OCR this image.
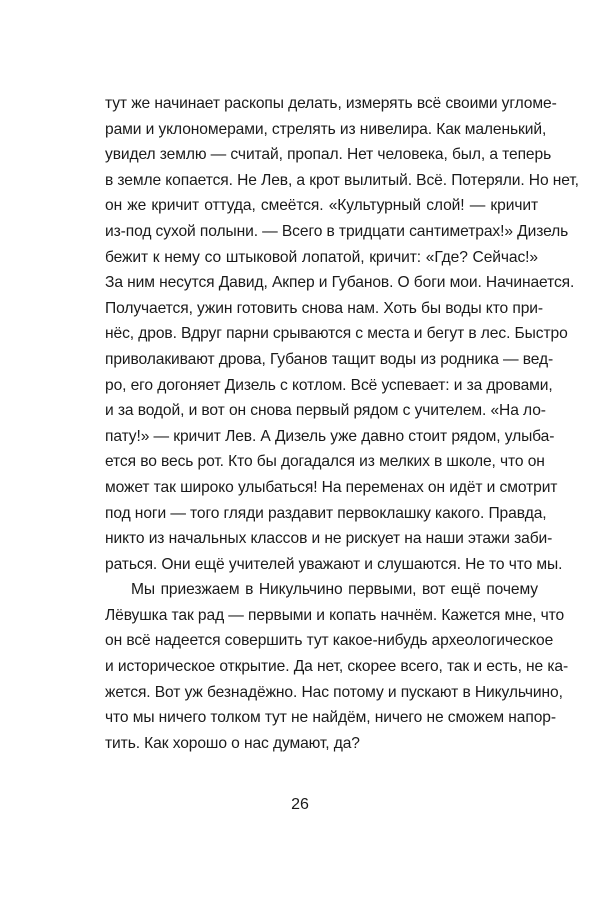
тут же начинает раскопы делать, измерять всё своими угломе-
рами и уклономерами, стрелять из нивелира. Как маленький,
увидел землю — считай, пропал. Нет человека, был, а теперь
в земле копается. Не Лев, а крот вылитый. Всё. Потеряли. Но нет,
он же кричит оттуда, смеётся. «Культурный слой! — кричит
из-под сухой полыни. — Всего в тридцати сантиметрах!» Дизель
бежит к нему со штыковой лопатой, кричит: «Где? Сейчас!»
За ним несутся Давид, Акпер и Губанов. О боги мои. Начинается.
Получается, ужин готовить снова нам. Хоть бы воды кто при-
нёс, дров. Вдруг парни срываются с места и бегут в лес. Быстро
приволакивают дрова, Губанов тащит воды из родника — вед-
ро, его догоняет Дизель с котлом. Всё успевает: и за дровами,
и за водой, и вот он снова первый рядом с учителем. «На ло-
пату!» — кричит Лев. А Дизель уже давно стоит рядом, улыба-
ется во весь рот. Кто бы догадался из мелких в школе, что он
может так широко улыбаться! На переменах он идёт и смотрит
под ноги — того гляди раздавит первоклашку какого. Правда,
никто из начальных классов и не рискует на наши этажи заби-
раться. Они ещё учителей уважают и слушаются. Не то что мы.
Мы приезжаем в Никульчино первыми, вот ещё почему
Лёвушка так рад — первыми и копать начнём. Кажется мне, что
он всё надеется совершить тут какое-нибудь археологическое
и историческое открытие. Да нет, скорее всего, так и есть, не ка-
жется. Вот уж безнадёжно. Нас потому и пускают в Никульчино,
что мы ничего толком тут не найдём, ничего не сможем напор-
тить. Как хорошо о нас думают, да?
26
